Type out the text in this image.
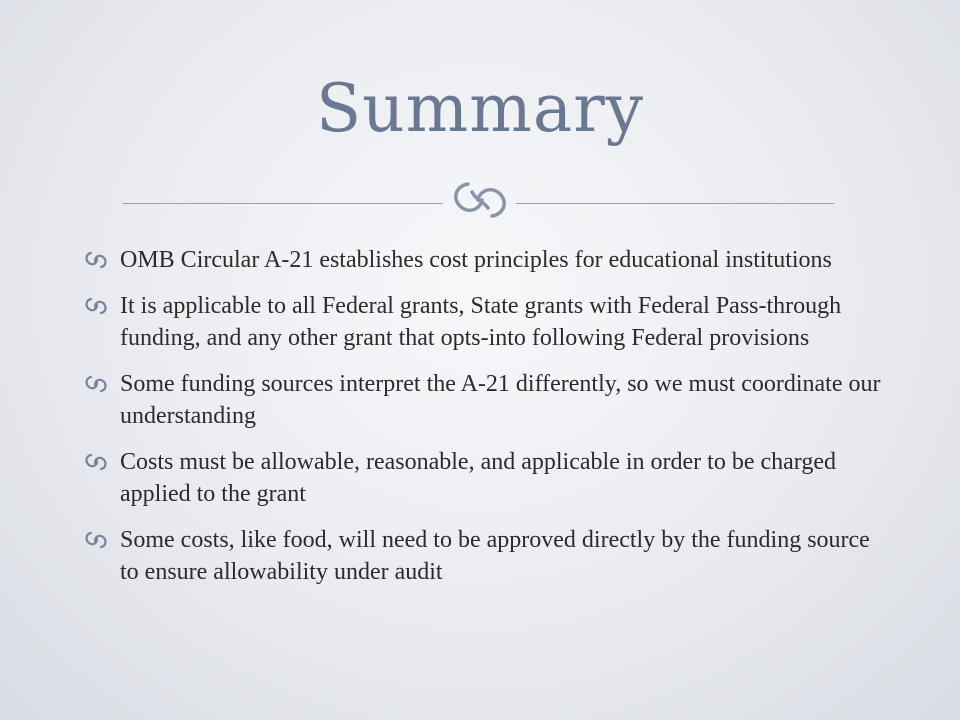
Summary
OMB Circular A-21 establishes cost principles for educational institutions
It is applicable to all Federal grants, State grants with Federal Pass-through funding, and any other grant that opts-into following Federal provisions
Some funding sources interpret the A-21 differently, so we must coordinate our understanding
Costs must be allowable, reasonable, and applicable in order to be charged applied to the grant
Some costs, like food, will need to be approved directly by the funding source to ensure allowability under audit
